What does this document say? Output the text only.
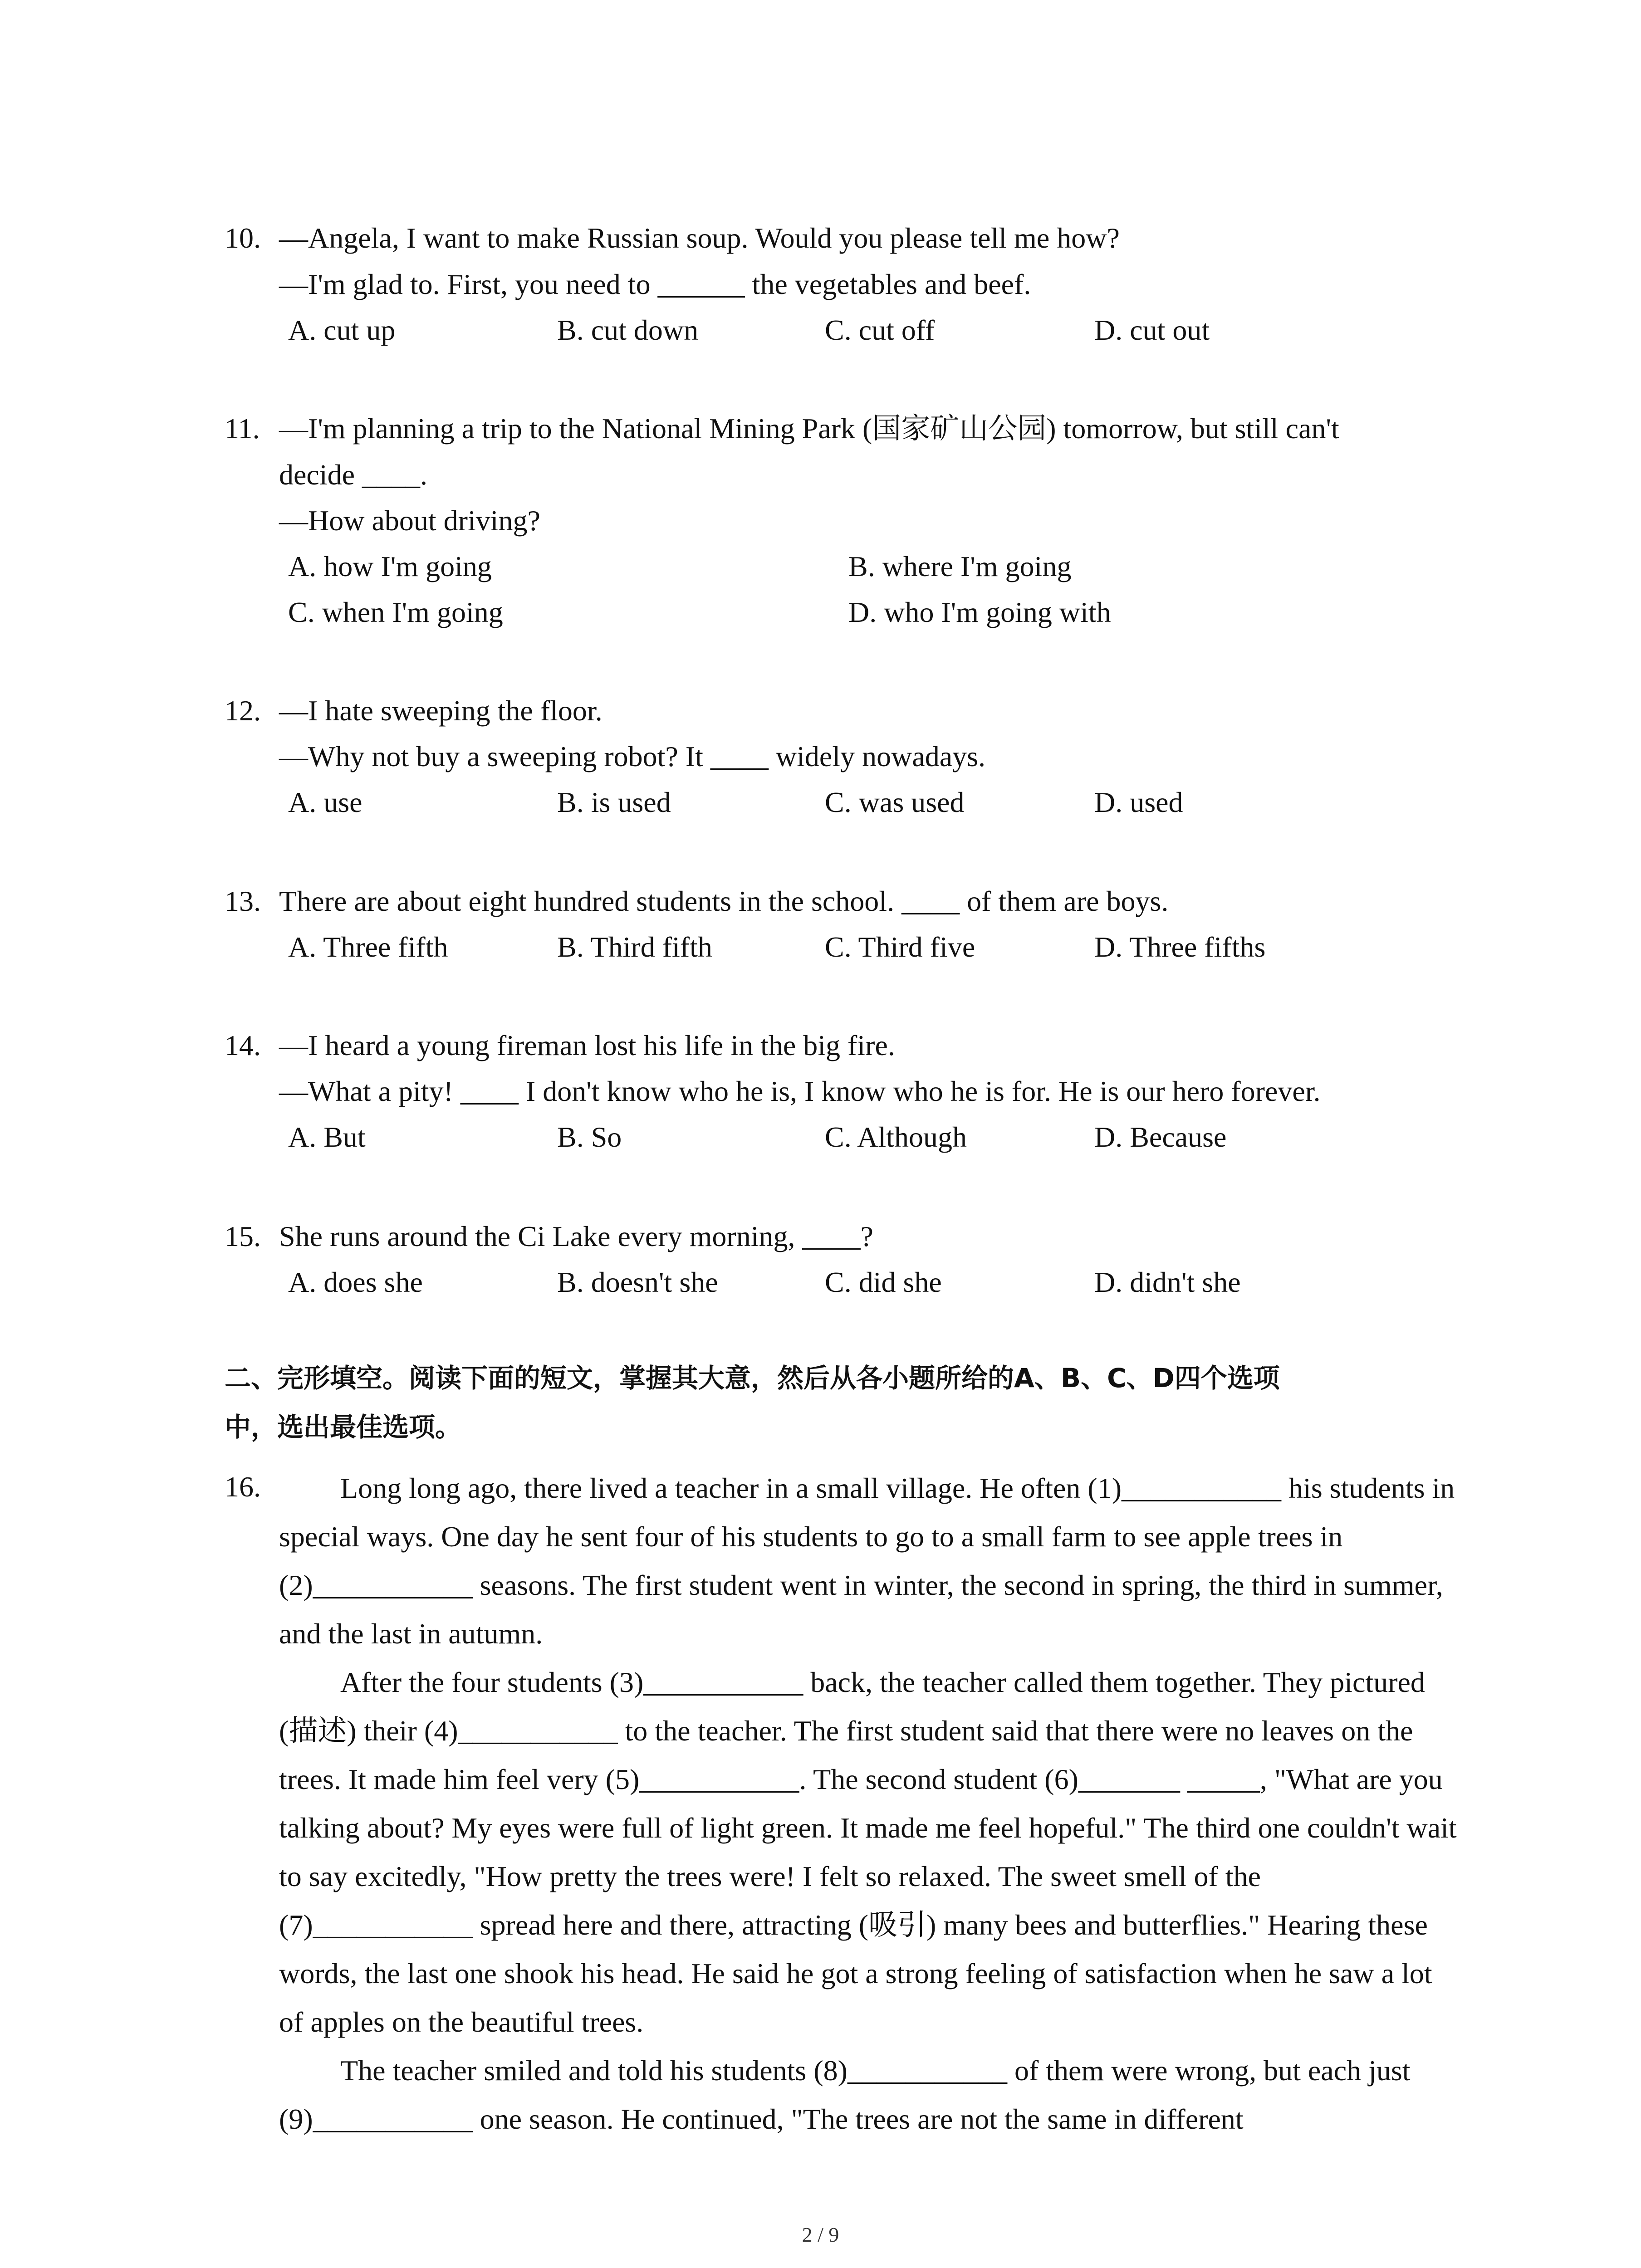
10. —Angela, I want to make Russian soup. Would you please tell me how?
—I'm glad to. First, you need to ______ the vegetables and beef.
A. cut up	B. cut down	C. cut off	D. cut out
11. —I'm planning a trip to the National Mining Park (国家矿山公园) tomorrow, but still can't
decide ____.
—How about driving?
A. how I'm going	B. where I'm going
C. when I'm going	D. who I'm going with
12. —I hate sweeping the floor.
—Why not buy a sweeping robot? It ____ widely nowadays.
A. use	B. is used	C. was used	D. used
13. There are about eight hundred students in the school. ____ of them are boys.
A. Three fifth	B. Third fifth	C. Third five	D. Three fifths
14. —I heard a young fireman lost his life in the big fire.
—What a pity! ____ I don't know who he is, I know who he is for. He is our hero forever.
A. But	B. So	C. Although	D. Because
15. She runs around the Ci Lake every morning, ____?
A. does she	B. doesn't she	C. did she	D. didn't she
二、完形填空。阅读下面的短文，掌握其大意，然后从各小题所给的A、B、C、D四个选项
中，选出最佳选项。
16.	Long long ago, there lived a teacher in a small village. He often (1)___________ his students in special ways. One day he sent four of his students to go to a small farm to see apple trees in (2)___________ seasons. The first student went in winter, the second in spring, the third in summer, and the last in autumn.

After the four students (3)___________ back, the teacher called them together. They pictured (描述) their (4)___________ to the teacher. The first student said that there were no leaves on the trees. It made him feel very (5)___________. The second student (6)_______ _____, "What are you talking about? My eyes were full of light green. It made me feel hopeful." The third one couldn't wait to say excitedly, "How pretty the trees were! I felt so relaxed. The sweet smell of the (7)___________ spread here and there, attracting (吸引) many bees and butterflies." Hearing these words, the last one shook his head. He said he got a strong feeling of satisfaction when he saw a lot of apples on the beautiful trees.

The teacher smiled and told his students (8)___________ of them were wrong, but each just (9)___________ one season. He continued, "The trees are not the same in different

2 / 9
